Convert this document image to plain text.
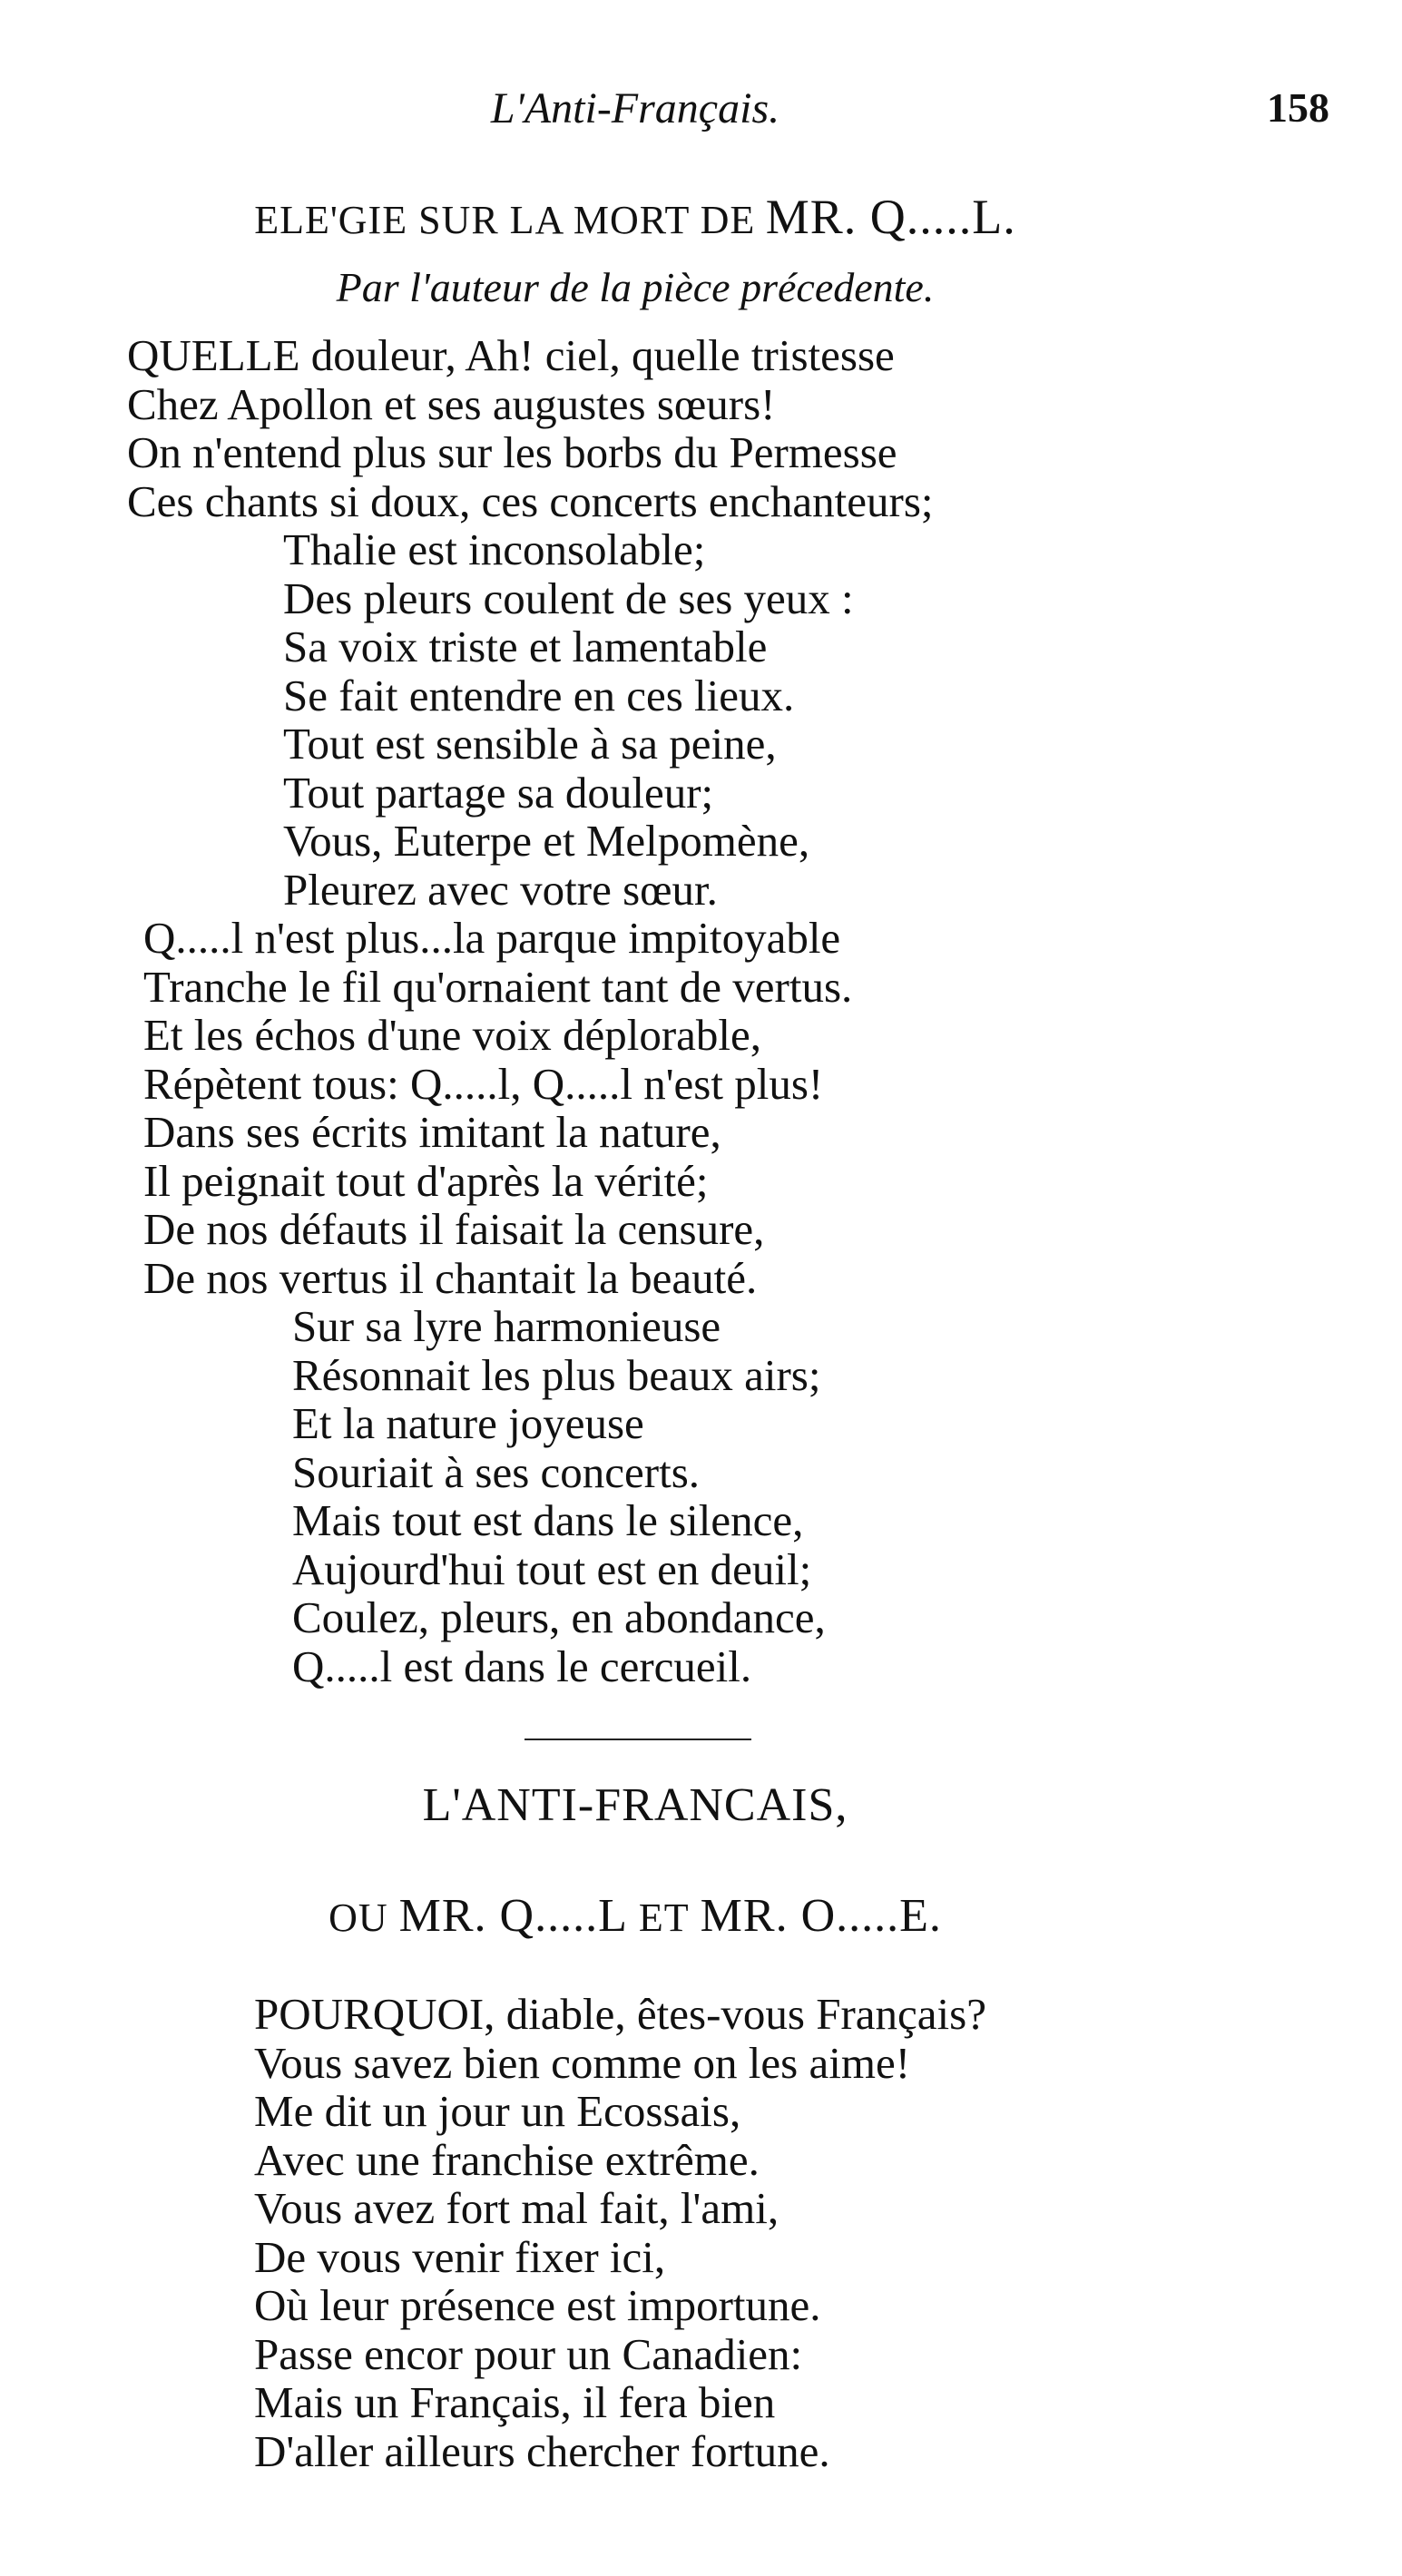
L'Anti-Français.	158
ELE'GIE SUR LA MORT DE MR. Q.....L.
Par l'auteur de la pièce précedente.
QUELLE douleur, Ah! ciel, quelle tristesse
Chez Apollon et ses augustes sœurs!
On n'entend plus sur les borbs du Permesse
Ces chants si doux, ces concerts enchanteurs;
Thalie est inconsolable;
Des pleurs coulent de ses yeux :
Sa voix triste et lamentable
Se fait entendre en ces lieux.
Tout est sensible à sa peine,
Tout partage sa douleur;
Vous, Euterpe et Melpomène,
Pleurez avec votre sœur.
Q.....l n'est plus...la parque impitoyable
Tranche le fil qu'ornaient tant de vertus.
Et les échos d'une voix déplorable,
Répètent tous: Q.....l, Q.....l n'est plus!
Dans ses écrits imitant la nature,
Il peignait tout d'après la vérité;
De nos défauts il faisait la censure,
De nos vertus il chantait la beauté.
Sur sa lyre harmonieuse
Résonnait les plus beaux airs;
Et la nature joyeuse
Souriait à ses concerts.
Mais tout est dans le silence,
Aujourd'hui tout est en deuil;
Coulez, pleurs, en abondance,
Q.....l est dans le cercueil.
L'ANTI-FRANCAIS,
OU MR. Q.....L ET MR. O.....E.
POURQUOI, diable, êtes-vous Français?
Vous savez bien comme on les aime!
Me dit un jour un Ecossais,
Avec une franchise extrême.
Vous avez fort mal fait, l'ami,
De vous venir fixer ici,
Où leur présence est importune.
Passe encor pour un Canadien:
Mais un Français, il fera bien
D'aller ailleurs chercher fortune.
